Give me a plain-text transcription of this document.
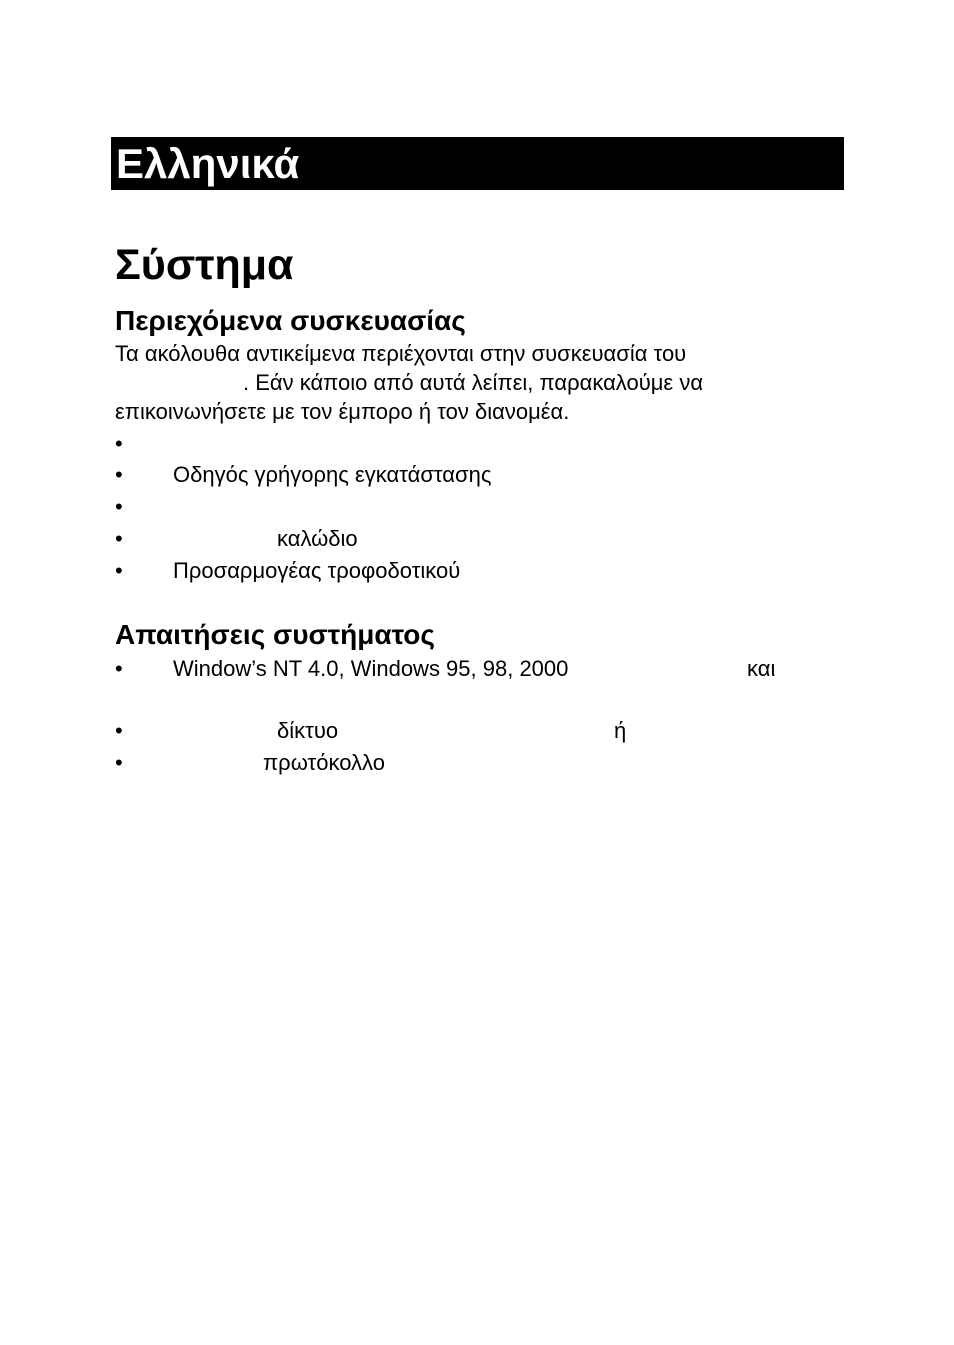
Ελληνικά
Σύστημα
Περιεχόμενα συσκευασίας
Τα ακόλουθα αντικείμενα περιέχονται στην συσκευασία του
. Εάν κάποιο από αυτά λείπει, παρακαλούμε να
επικοινωνήσετε με τον έμπορο ή τον διανομέα.
•
• Οδηγός γρήγορης εγκατάστασης
•
•	καλώδιο
• Προσαρμογέας τροφοδοτικού
Απαιτήσεις συστήματος
• Window’s NT 4.0, Windows 95, 98, 2000	και
•	δίκτυο	ή
•	πρωτόκολλο
